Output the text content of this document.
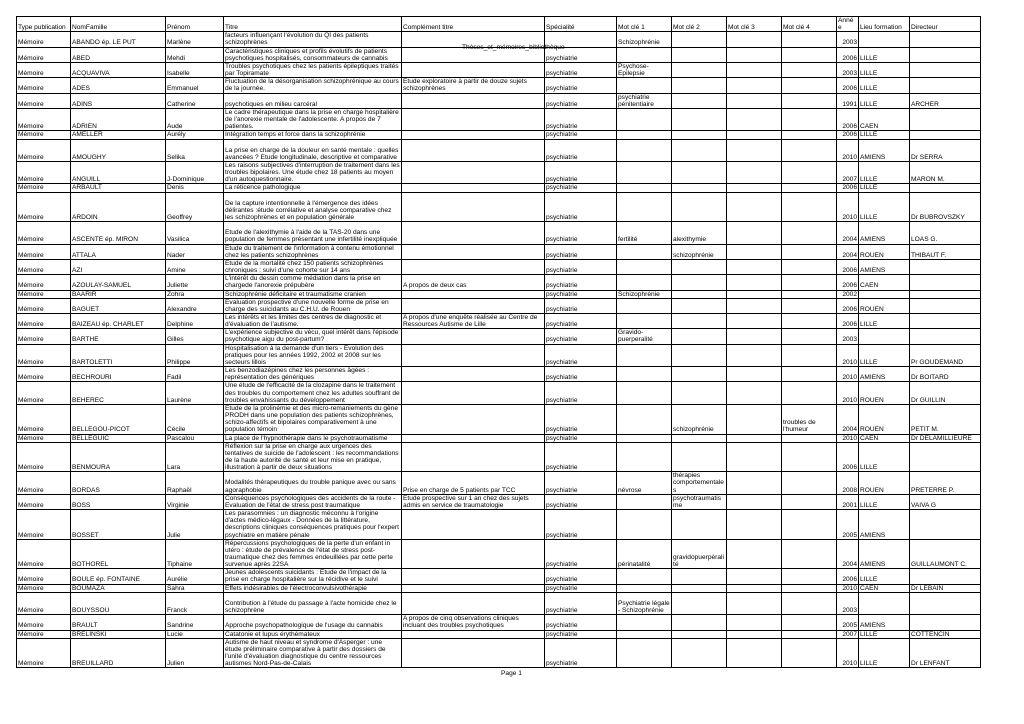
Type publication	NomFamille	Prénom	Titre	Complément titre	Spécialité	Mot clé 1	Mot clé 2	Mot clé 3	Mot clé 4	Année	Lieu formation	Directeur
Mémoire	ABANDO ép. LE PUT	Marlène	facteurs influençant l'évolution du QI des patients schizophrènes			Schizophrénie				2003		
Mémoire	ABED	Mehdi	Caractéristiques cliniques et profils évolutifs de patients psychotiques hospitalisés, consommateurs de cannabis		psychiatrie					2006	LILLE	
Mémoire	ACQUAVIVA	Isabelle	Troubles psychotiques chez les patients épileptiques traités par Topiramate		psychiatrie	Psychose-Epilepsie				2003	LILLE	
Mémoire	ADES	Emmanuel	Fluctuation de la désorganisation schizophrénique au cours de la journée.	Etude exploratoire à partir de douze sujets schizophrènes	psychiatrie					2006	LILLE	
Mémoire	ADINS	Catherine	psychotiques en milieu carcéral		psychiatrie	psychiatrie pénitentiaire				1991	LILLE	ARCHER
Mémoire	ADRIEN	Aude	Le cadre thérapeutique dans la prise en charge hospitalière de l'anorexie mentale de l'adolescente. A propos de 7 patientes.		psychiatrie					2006	CAEN	
Mémoire	AMELLER	Aurély	Intégration temps et force dans la schizophrénie		psychiatrie					2006	LILLE	
Mémoire	AMOUGHY	Selika	La prise en charge de la douleur en santé mentale : quelles avancées ? Etude longitudinale, descriptive et comparative		psychiatrie					2010	AMIENS	Dr SERRA
Mémoire	ANGUILL	J-Dominique	Les raisons subjectives d'interruption de traitement dans les troubles bipolaires. Une étude chez 18 patients au moyen d'un autoquestionnaire.		psychiatrie					2007	LILLE	MARON M.
Mémoire	ARBAULT	Denis	La réticence pathologique		psychiatrie					2006	LILLE	
Mémoire	ARDOIN	Geoffrey	De la capture intentionnelle à l'émergence des idées délirantes :étude corrélative et analyse comparative chez les schizophrènes et en population générale		psychiatrie					2010	LILLE	Dr BUBROVSZKY
Mémoire	ASCENTE ép. MIRON	Vasilica	Etude de l'alexithymie à l'aide de la TAS-20 dans une population de femmes présentant une infertilité inexpliquée		psychiatrie	fertilité	alexithymie			2004	AMIENS	LOAS G.
Mémoire	ATTALA	Nader	Etude du traitement de l'information à contenu émotionnel chez les patients schizophrènes		psychiatrie		schizophrénie			2004	ROUEN	THIBAUT F.
Mémoire	AZI	Amine	Etude de la mortalité chez 150 patients schizophrènes chroniques : suivi d'une cohorte sur 14 ans		psychiatrie					2006	AMIENS	
Mémoire	AZOULAY-SAMUEL	Juliette	L'intérêt du dessin comme médiation dans la prise en chargede l'anorexie prépubère	A propos de deux cas	psychiatrie					2006	CAEN	
Mémoire	BAARIR	Zohra	Schizophrénie déficitaire et traumatisme cranien		psychiatrie	Schizophrénie				2002		
Mémoire	BAGUET	Alexandre	Evaluation prospective d'une nouvelle forme de prise en charge des suicidants au C.H.U. de Rouen		psychiatrie					2006	ROUEN	
Mémoire	BAIZEAU ép. CHARLET	Delphine	Les intérêts et les limites des centres de diagnostic et d'évaluation de l'autisme.	A propos d'une enquête réalisée au Centre de Ressources Autisme de Lille	psychiatrie					2006	LILLE	
Mémoire	BARTHE	Gilles	L'expérience subjective du vécu, quel intérêt dans l'épisode psychotique aigu du post-partum?		psychiatrie	Gravido-puerperalité				2003		
Mémoire	BARTOLETTI	Philippe	Hospitalisation à la demande d'un tiers - Evolution des pratiques pour les années 1992, 2002 et 2008 sur les secteurs lillois		psychiatrie					2010	LILLE	Pr GOUDEMAND
Mémoire	BECHROURI	Fadil	Les benzodiazépines chez les personnes âgées : représentation des génériques		psychiatrie					2010	AMIENS	Dr BOITARD
Mémoire	BEHEREC	Laurène	Une étude de l'efficacité de la clozapine dans le traitement des troubles du comportement chez les adultes souffrant de troubles envahissants du développement		psychiatrie					2010	ROUEN	Dr GUILLIN
Mémoire	BELLEGOU-PICOT	Cécile	Etude de la prolinémie et des micro-remaniements du gène PRODH dans une population des patients schizophrènes, schizo-affectifs et bipolaires comparativement à une population témoin		psychiatrie		schizophrénie		troubles de l'humeur	2004	ROUEN	PETIT M.
Mémoire	BELLEGUIC	Pascalou	La place de l'hypnothérapie dans le psychotraumatisme		psychiatrie					2010	CAEN	Dr DELAMILLIEURE
Mémoire	BENMOURA	Lara	Réflexion sur la prise en charge aux urgences des tentatives de suicide de l'adolescent : les recommandations de la haute autorité de santé et leur mise en pratique, illustration à partir de deux situations		psychiatrie					2006	LILLE	
Mémoire	BORDAS	Raphaël	Modalités thérapeutiques du trouble panique avec ou sans agoraphobie	Prise en charge de 5 patients par TCC	psychiatrie	névrose	thérapies comportementales			2008	ROUEN	PRETERRE P.
Mémoire	BOSS	Virginie	Conséquences psychologiques des accidents de la route - Evaluation de l'état de stress post traumatique	Etude prospective sur 1 an chez des sujets admis en service de traumatologie	psychiatrie		psychotraumatisme			2001	LILLE	VAIVA G
Mémoire	BOSSET	Julie	Les parasomnies : un diagnostic méconnu à l'origine d'actes médico-légaux - Données de la littérature, descriptions cliniques conséquences pratiques pour l'expert psychiatre en matière pénale		psychiatrie					2005	AMIENS	
Mémoire	BOTHOREL	Tiphaine	Répercussions psychologiques de la perte d'un enfant in utéro : étude de prévalence de l'état de stress post-traumatique chez des femmes endeuillées par cette perte survenue après 22SA		psychiatrie	périnatalité	gravidopuerpéralité			2004	AMIENS	GUILLAUMONT C.
Mémoire	BOULE ép. FONTAINE	Aurélie	Jeunes adolescents suicidants : Etude de l'impact de la prise en charge hospitalière sur la récidive et le suivi		psychiatrie					2006	LILLE	
Mémoire	BOUMAZA	Sahra	Effets indésirables de l'électroconvulsivothérapie		psychiatrie					2010	CAEN	Dr LEBAIN
Mémoire	BOUYSSOU	Franck	Contribution à l'étude du passage à l'acte homicide chez le schizophrène		psychiatrie	Psychiatrie légale - Schizophrénie				2003		
Mémoire	BRAULT	Sandrine	Approche psychopathologique de l'usage du cannabis	A propos de cinq observations cliniques incluant des troubles psychotiques	psychiatrie					2005	AMIENS	
Mémoire	BRELINSKI	Lucie	Catatonie et lupus érythémateux		psychiatrie					2007	LILLE	COTTENCIN
Mémoire	BREUILLARD	Julien	Autisme de haut niveau et syndrome d'Asperger : une étude préliminaire comparative à partir des dossiers de l'unité d'évaluation diagnostique du centre ressources autismes Nord-Pas-de-Calais		psychiatrie					2010	LILLE	Dr LENFANT
Thèses_et_mémoires_bibliothèque
Page 1
